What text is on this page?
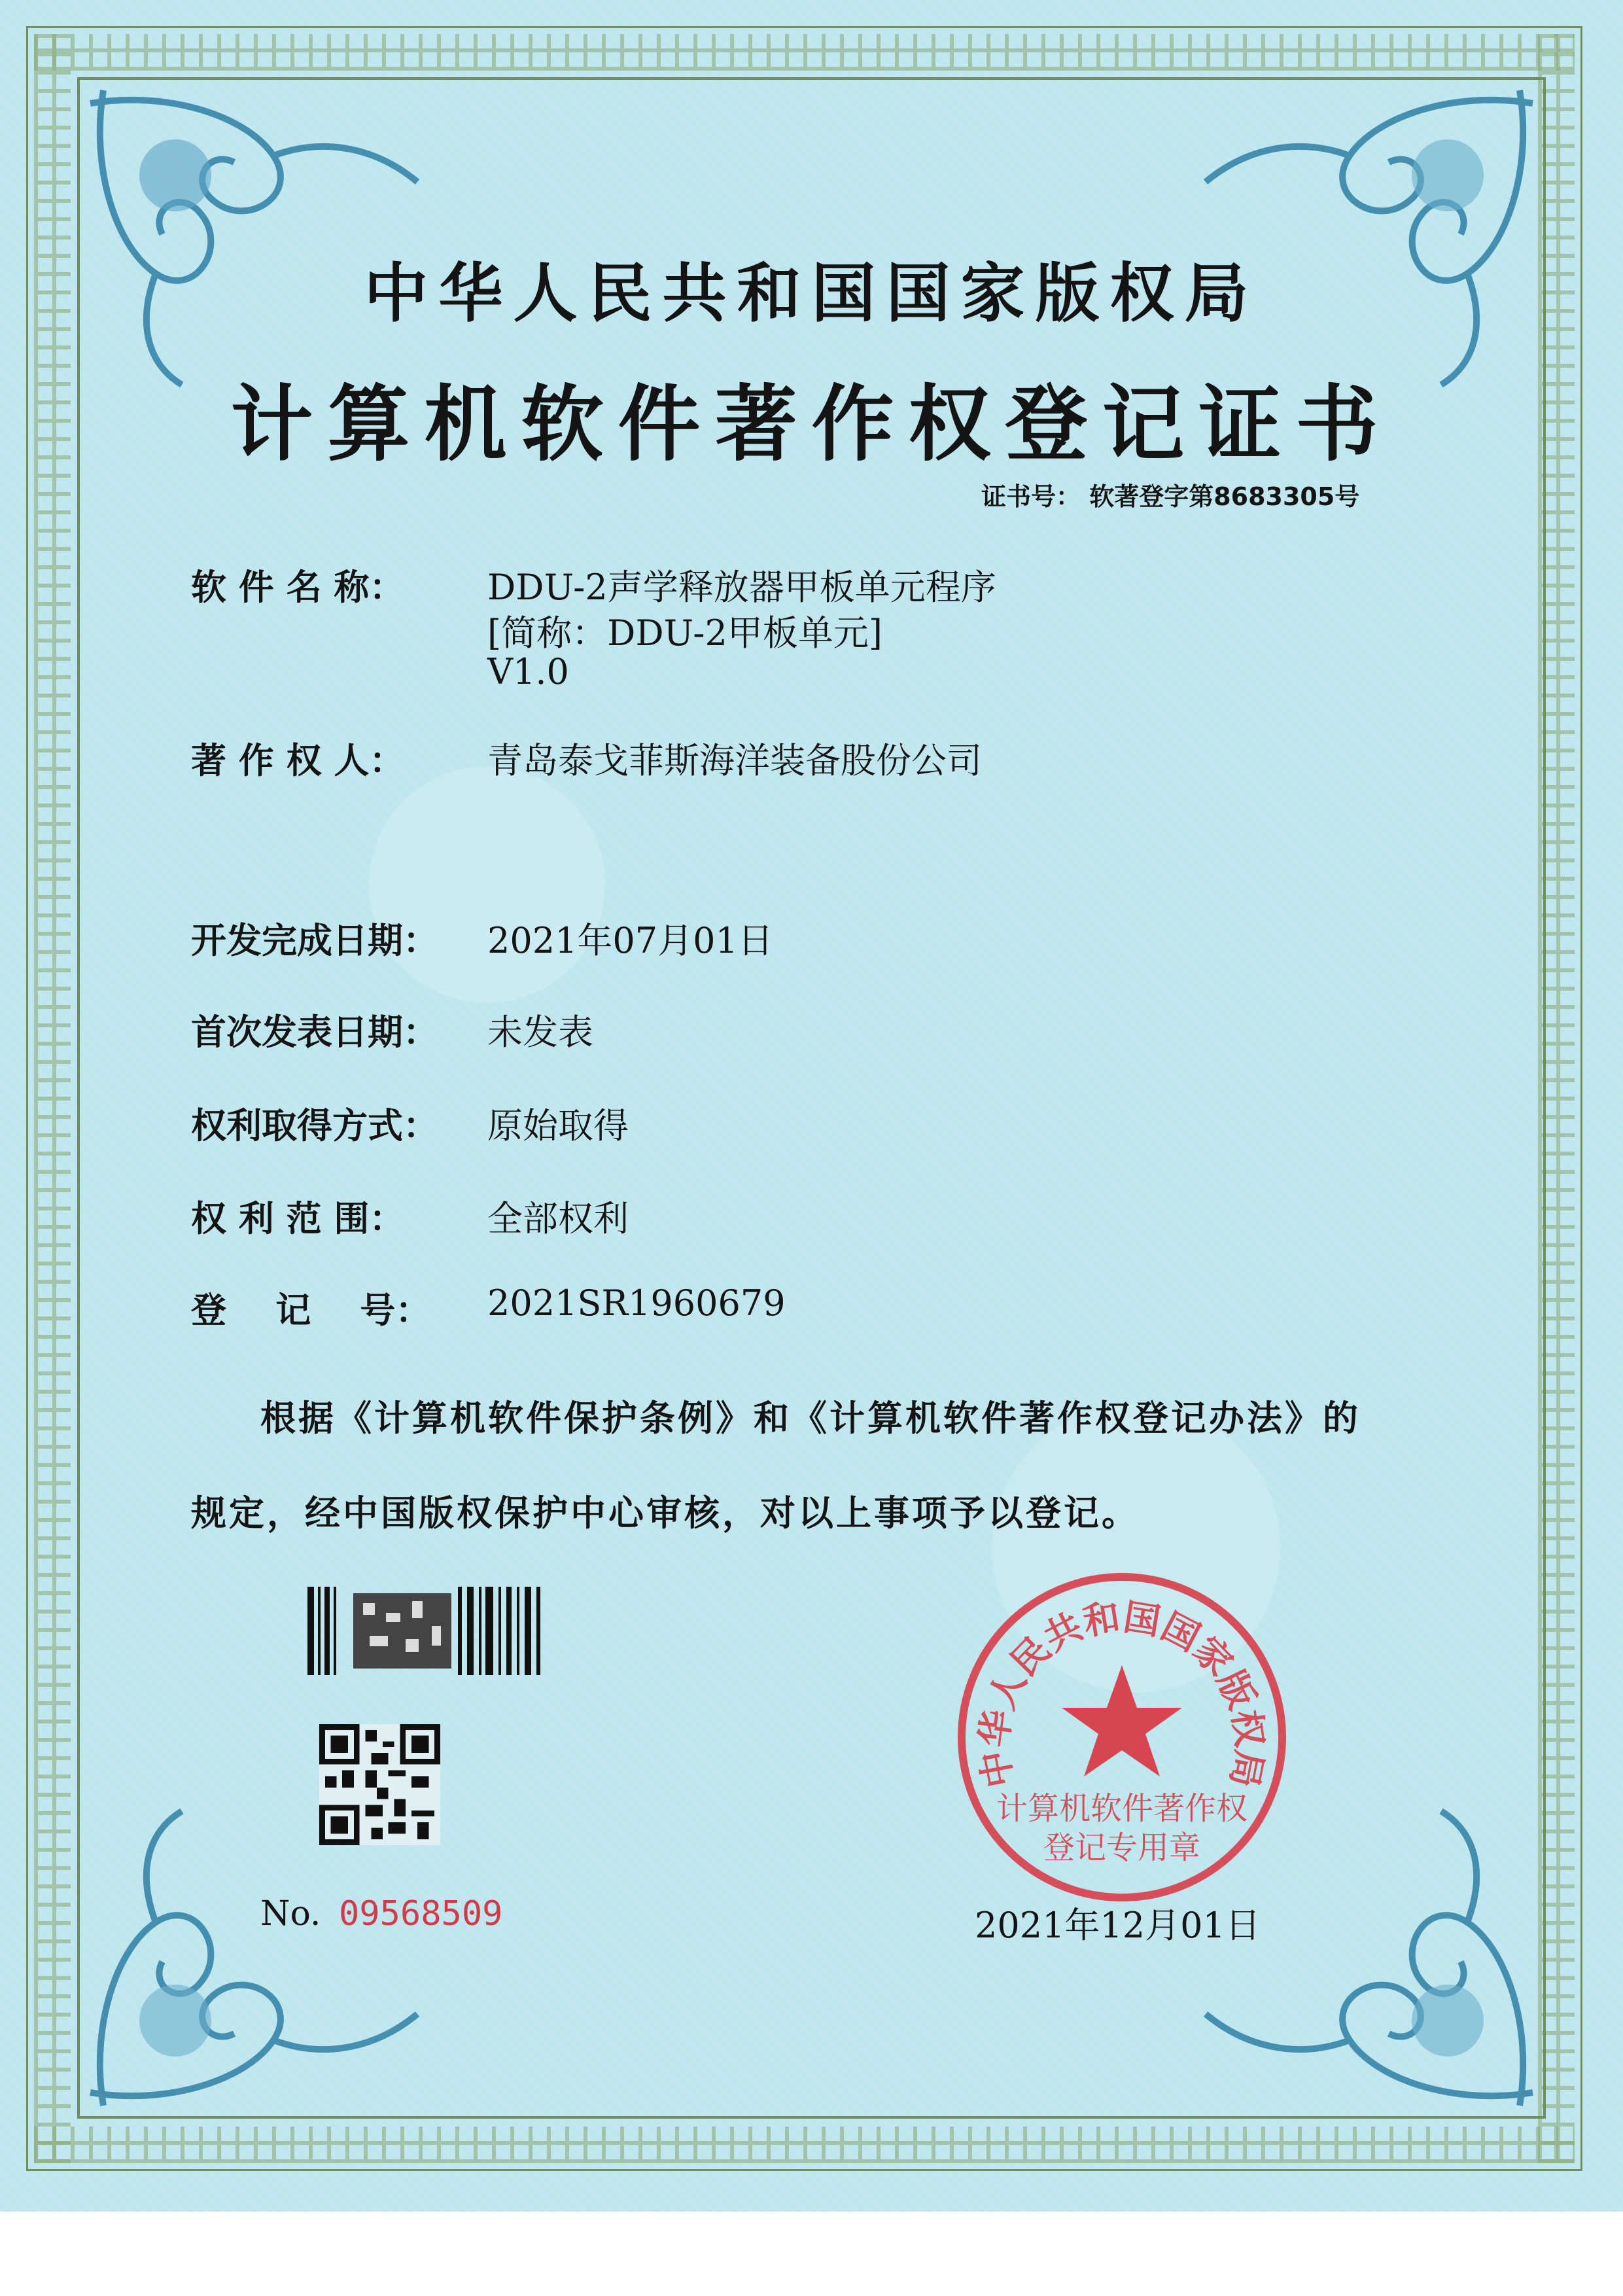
中华人民共和国国家版权局
计算机软件著作权登记证书
证书号： 软著登字第8683305号
软 件 名 称： DDU-2声学释放器甲板单元程序
[简称：DDU-2甲板单元]
V1.0
著 作 权 人： 青岛泰戈菲斯海洋装备股份公司
开发完成日期： 2021年07月01日
首次发表日期： 未发表
权利取得方式： 原始取得
权 利 范 围： 全部权利
登    记    号： 2021SR1960679
根据《计算机软件保护条例》和《计算机软件著作权登记办法》的
规定，经中国版权保护中心审核，对以上事项予以登记。
No. 09568509
中华人民共和国国家版权局
计算机软件著作权
登记专用章
2021年12月01日
